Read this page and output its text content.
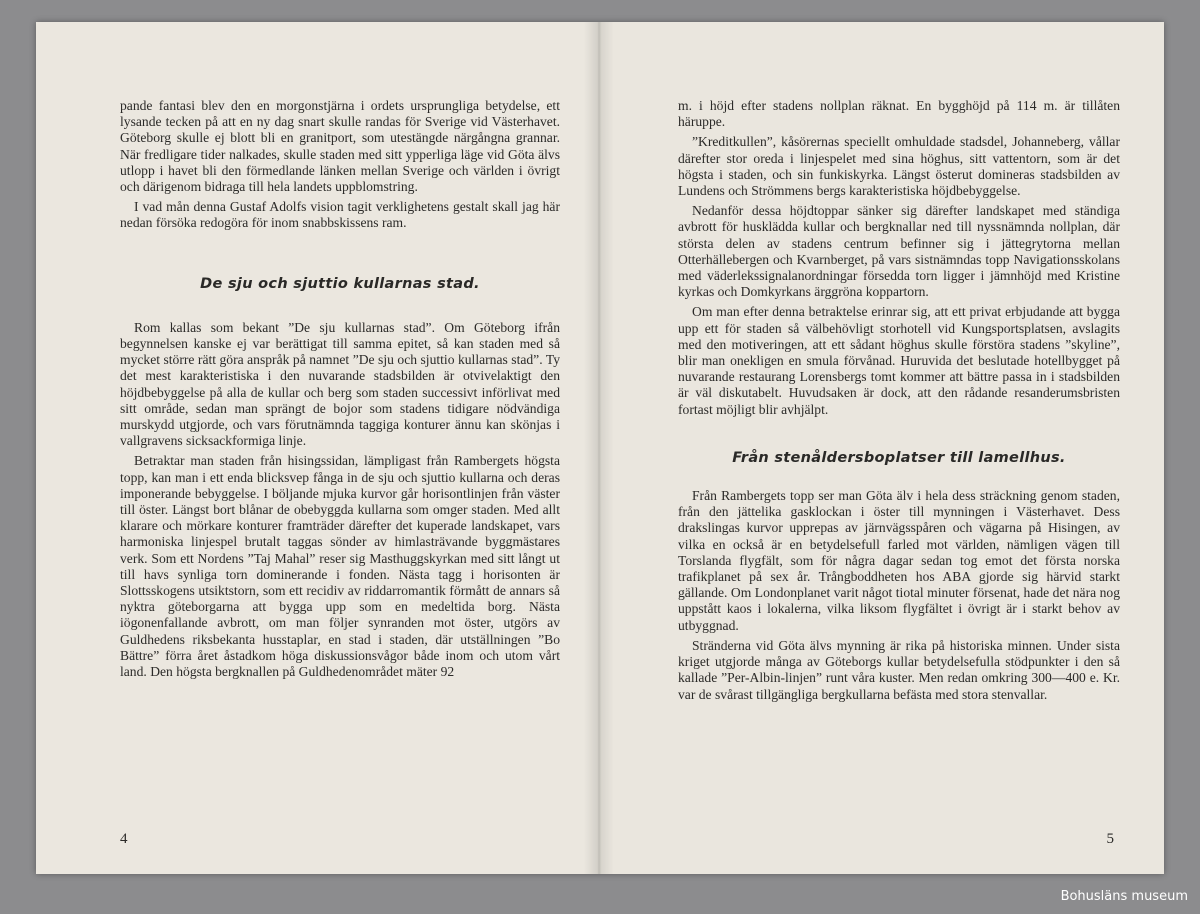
pande fantasi blev den en morgonstjärna i ordets ursprungliga betydelse, ett lysande tecken på att en ny dag snart skulle randas för Sverige vid Västerhavet. Göteborg skulle ej blott bli en granitport, som utestängde närgångna grannar. När fredligare tider nalkades, skulle staden med sitt ypperliga läge vid Göta älvs utlopp i havet bli den förmedlande länken mellan Sverige och världen i övrigt och därigenom bidraga till hela landets uppblomstring.

I vad mån denna Gustaf Adolfs vision tagit verklighetens gestalt skall jag här nedan försöka redogöra för inom snabbskissens ram.

De sju och sjuttio kullarnas stad.

Rom kallas som bekant ”De sju kullarnas stad”. Om Göteborg ifrån begynnelsen kanske ej var berättigat till samma epitet, så kan staden med så mycket större rätt göra anspråk på namnet ”De sju och sjuttio kullarnas stad”. Ty det mest karakteristiska i den nuvarande stadsbilden är otvivelaktigt den höjdbebyggelse på alla de kullar och berg som staden successivt införlivat med sitt område, sedan man sprängt de bojor som stadens tidigare nödvändiga murskydd utgjorde, och vars förutnämnda taggiga konturer ännu kan skönjas i vallgravens sicksackformiga linje.

Betraktar man staden från hisingssidan, lämpligast från Rambergets högsta topp, kan man i ett enda blicksvep fånga in de sju och sjuttio kullarna och deras imponerande bebyggelse. I böljande mjuka kurvor går horisontlinjen från väster till öster. Längst bort blånar de obebyggda kullarna som omger staden. Med allt klarare och mörkare konturer framträder därefter det kuperade landskapet, vars harmoniska linjespel brutalt taggas sönder av himlasträvande byggmästares verk. Som ett Nordens ”Taj Mahal” reser sig Masthuggskyrkan med sitt långt ut till havs synliga torn dominerande i fonden. Nästa tagg i horisonten är Slottsskogens utsiktstorn, som ett recidiv av riddarromantik förmått de annars så nyktra göteborgarna att bygga upp som en medeltida borg. Nästa iögonenfallande avbrott, om man följer synranden mot öster, utgörs av Guldhedens riksbekanta husstaplar, en stad i staden, där utställningen ”Bo Bättre” förra året åstadkom höga diskussionsvågor både inom och utom vårt land. Den högsta bergknallen på Guldhedenområdet mäter 92

4

m. i höjd efter stadens nollplan räknat. En bygghöjd på 114 m. är tillåten häruppe.

”Kreditkullen”, kåsörernas speciellt omhuldade stadsdel, Johanneberg, vållar därefter stor oreda i linjespelet med sina höghus, sitt vattentorn, som är det högsta i staden, och sin funkiskyrka. Längst österut domineras stadsbilden av Lundens och Strömmens bergs karakteristiska höjdbebyggelse.

Nedanför dessa höjdtoppar sänker sig därefter landskapet med ständiga avbrott för husklädda kullar och bergknallar ned till nyssnämnda nollplan, där största delen av stadens centrum befinner sig i jättegrytorna mellan Otterhällebergen och Kvarnberget, på vars sistnämndas topp Navigationsskolans med väderlekssignalanordningar försedda torn ligger i jämnhöjd med Kristine kyrkas och Domkyrkans ärggröna koppartorn.

Om man efter denna betraktelse erinrar sig, att ett privat erbjudande att bygga upp ett för staden så välbehövligt storhotell vid Kungsportsplatsen, avslagits med den motiveringen, att ett sådant höghus skulle förstöra stadens ”skyline”, blir man onekligen en smula förvånad. Huruvida det beslutade hotellbygget på nuvarande restaurang Lorensbergs tomt kommer att bättre passa in i stadsbilden är väl diskutabelt. Huvudsaken är dock, att den rådande resanderumsbristen fortast möjligt blir avhjälpt.

Från stenåldersboplatser till lamellhus.

Från Rambergets topp ser man Göta älv i hela dess sträckning genom staden, från den jättelika gasklockan i öster till mynningen i Västerhavet. Dess drakslingas kurvor upprepas av järnvägsspåren och vägarna på Hisingen, av vilka en också är en betydelsefull farled mot världen, nämligen vägen till Torslanda flygfält, som för några dagar sedan tog emot det första norska trafikplanet på sex år. Trångboddheten hos ABA gjorde sig härvid starkt gällande. Om Londonplanet varit något tiotal minuter försenat, hade det nära nog uppstått kaos i lokalerna, vilka liksom flygfältet i övrigt är i starkt behov av utbyggnad.

Stränderna vid Göta älvs mynning är rika på historiska minnen. Under sista kriget utgjorde många av Göteborgs kullar betydelsefulla stödpunkter i den så kallade ”Per-Albin-linjen” runt våra kuster. Men redan omkring 300—400 e. Kr. var de svårast tillgängliga bergkullarna befästa med stora stenvallar.

5
Bohusläns museum
